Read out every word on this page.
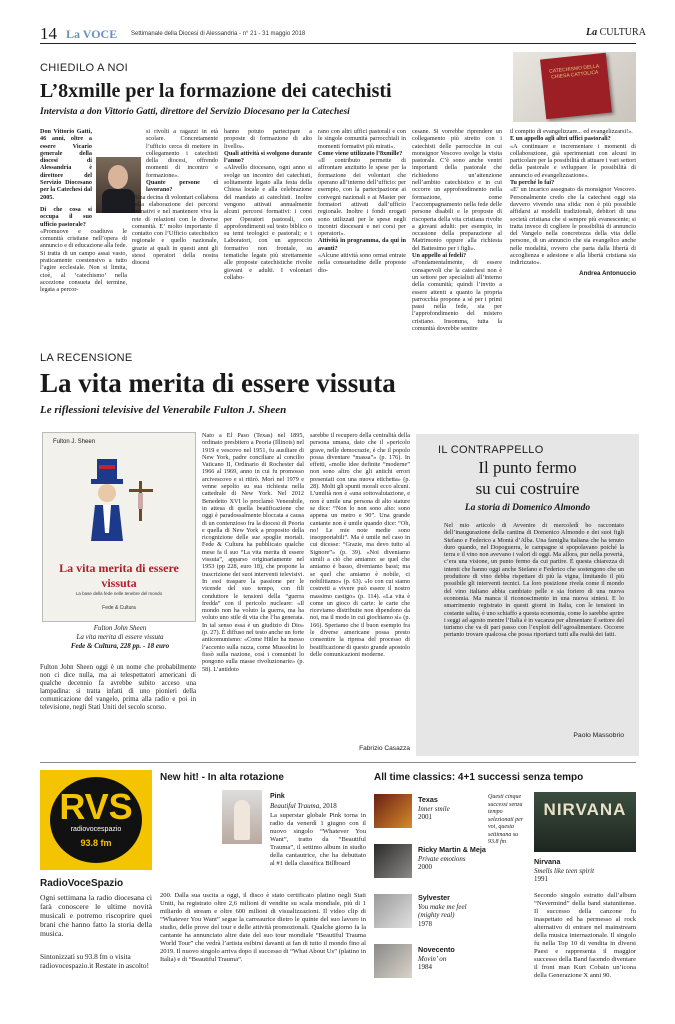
14 La VOCE Settimanale della Diocesi di Alessandria - n° 21 - 31 maggio 2018	La CULTURA
CHIEDILO A NOI
L’8xmille per la formazione dei catechisti
Intervista a don Vittorio Gatti, direttore del Servizio Diocesano per la Catechesi
CATECHISMO DELLA CHIESA CATTOLICA
Don Vittorio Gatti, 46 anni, oltre a essere Vicario generale della diocesi di Alessandria è direttore del Servizio Diocesano per la Catechesi dal 2005.
Di che cosa si occupa il suo ufficio pastorale?
«Promuove e coadiuva le comunità cristiane nell’opera di annuncio e di educazione alla fede. Si tratta di un campo assai vasto, praticamente coestensivo a tutto l’agire ecclesiale. Non si limita, cioè, al ‘catechismo’ nella accezione consueta del termine, legata a percor-
si rivolti a ragazzi in età scolare. Concretamente l’ufficio cerca di mettere in collegamento i catechisti della diocesi, offrendo momenti di incontro e formazione».
Quante persone ci lavorano?
«Una decina di volontari collabora nella elaborazione dei percorsi formativi e nel mantenere viva la rete di relazioni con le diverse comunità. E’ molto importante il contatto con l’Ufficio catechistico regionale e quello nazionale, grazie ai quali in questi anni gli stessi operatori della nostra diocesi
hanno potuto partecipare a proposte di formazione di alto livello».
Quali attività si svolgono durante l’anno?
«Alivello diocesano, ogni anno si svolge un incontro dei catechisti, solitamente legato alla festa della Chiesa locale e alla celebrazione del mandato ai catechisti. Inoltre vengono attivati annualmente alcuni percorsi formativi: i corsi per Operatori pastorali, con approfondimenti sul testo biblico o su temi teologici e pastorali; e i Laboratori, con un approccio formativo non frontale, su tematiche legate più strettamente alle proposte catechistiche rivolte giovani e adulti. I volontari collabo-
rano con altri uffici pastorali e con le singole comunità parrocchiali in momenti formativi più mirati».
Come viene utilizzato l’8xmille?
«Il contributo permette di affrontare anzitutto le spese per la formazione dei volontari che operano all’interno dell’ufficio: per esempio, con la partecipazione ai convegni nazionali e ai Master per formatori attivati dall’ufficio regionale. Inoltre i fondi erogati sono utilizzati per le spese negli incontri diocesani e nei corsi per operatori».
Attività in programma, da qui in avanti?
«Alcune attività sono ormai entrate nella consuetudine delle proposte dio-
cesane. Si vorrebbe riprendere un collegamento più stretto con i catechisti delle parrocchie in cui monsignor Vescovo svolge la visita pastorale. C’è sono anche ventri importanti della pastorale che richiedono un’attenzione nell’ambito catechistico e in cui occorre un approfondimento nella formazione, come l’accompagnamento nella fede delle persone disabili e le proposte di riscoperta della vita cristiana rivolte a giovani adulti: per esempio, in occasione della preparazione al Matrimonio oppure alla richiesta del Battesimo per i figli».
Un appello ai fedeli?
«Fondamentalmente, di essere consapevoli che la catechesi non è un settore per specialisti all’interno della comunità; quindi l’invito a essere attenti a quanto la propria parrocchia propone a sé per i primi passi nella fede, sia per l’approfondimento del mistero cristiano. Insomma, tutta la comunità dovrebbe sentire
il compito di evangelizzare... ed evangelizzarsi!».
E un appello agli altri uffici pastorali?
«A continuare e incrementare i momenti di collaborazione, già sperimentati con alcuni in particolare per la possibilità di attuare i vari settori della pastorale e sviluppare le possibilità di annuncio ed evangelizzazione».
Tu perché lo fai?
«E’ un incarico assegnato da monsignor Vescovo. Personalmente credo che la catechesi oggi sia davvero vivendo una sfida: non è più possibile affidarsi ai modelli tradizionali, debitori di una società cristiana che si sempre più evanescente; si tratta invece di cogliere le possibilità di annuncio del Vangelo nella concretezza della vita delle persone, di un annuncio che sia evangelico anche nelle modalità, ovvero che parta dalla libertà di accoglienza e adesione e alla libertà cristiana sia indirizzato».
Andrea Antonuccio
LA RECENSIONE
La vita merita di essere vissuta
Le riflessioni televisive del Venerabile Fulton J. Sheen
Fulton J. Sheen
La vita merita di essere vissuta
La base della fede nelle tenebre del mondo
Fede & Cultura
Fulton John Sheen
La vita merita di essere vissuta
Fede & Cultura, 228 pp. - 18 euro
Fulton John Sheen oggi è un nome che probabilmente non ci dice nulla, ma ai telespettatori americani di qualche decennio fa avrebbe subito acceso una lampadina: si tratta infatti di uno pionieri della comunicazione del vangelo, prima alla radio e poi in televisione, negli Stati Uniti del secolo scorso.
Nato a El Paso (Texas) nel 1895, ordinato presbitero a Peoria (Illinois) nel 1919 e vescovo nel 1951, fu ausiliare di New York, padre conciliare al concilio Vaticano II, Ordinario di Rochester dal 1966 al 1969, anno in cui fu promosso arcivescovo e si ritirò. Morì nel 1979 e venne sepolto su sua richiesta nella cattedrale di New York. Nel 2012 Benedetto XVI lo proclamò Venerabile, in attesa di quella beatificazione che oggi è paradossalmente bloccata a causa di un contenzioso fra la diocesi di Peoria e quella di New York a proposito della ricognizione delle sue spoglie mortali. Fede & Cultura ha pubblicato qualche mese fa il suo “La vita merita di essere vissuta”, apparso originariamente nel 1953 (pp 228, euro 18), che propone la trascrizione dei suoi interventi televisivi. In essi traspare la passione per le vicende del suo tempo, con fili conduttore le tensioni della “guerra fredda” con il pericolo nucleare: «Il mondo non ha voluto la guerra, ma ha voluto uno stile di vita che l’ha generata. In tal senso essa è un giudizio di Dio» (p. 27). È diffuso nel testo anche un forte anticomunismo: «Come Hitler ha messo l’accento sulla razza, come Mussolini lo fissò sulla nazione, così i comunisti lo pongono sulla masse rivoluzionarie» (p. 58). L’antidoto
sarebbe il recupero della centralità della persona umana, dato che il «pericolo grave, nelle democrazie, è che il popolo possa diventare “massa”» (p. 176). In effetti, «molte idee definite “moderne” non sono altro che gli antichi errori presentati con una nuova etichetta» (p. 28). Molti gli spunti morali ecco alcuni. L’umiltà non è «una sottovalutazione, e non è umile una persona di alto stature se dice: “Non lo non sono alto: sono appena un metro e 90”. Una grande cantante non è umile quando dice: “Oh, no! Le mie note medie sono insopportabili”. Ma è umile nel caso in cui dicesse: “Grazie, ma devo tutto al Signore”» (p. 39). «Noi diveniamo simili a ciò che amiamo: se quel che amiamo è basso, diveniamo bassi; ma se quel che amiamo è nobile, ci nobilitiamo» (p. 63). «Io con cui siamo costretti a vivere può essere il nostro massimo castigo» (p. 114). «La vita è come un gioco di carte: le carte che riceviamo distribuite non dipendono da noi, ma il modo in cui giochiamo sì» (p. 166). Speriamo che il buon esempio fra le diverse americane possa presto consentire la ripresa del processo di beatificazione di questo grande apostolo delle comunicazioni moderne.
Fabrizio Casazza
IL CONTRAPPELLO
Il punto fermo
su cui costruire
La storia di Domenico Almondo
Nel mio articolo di Avvenire di mercoledì ho raccontato dell’inaugurazione della cantina di Domenico Almondo e dei suoi figli Stefano e Federico a Montà d’Alba. Una famiglia italiana che ha tenuto duro quando, nel Dopoguerra, le campagne si spopolavano poiché la terra e il vino non avevano i valori di oggi. Ma allora, pur nella povertà, c’era una visione, un punto fermo da cui partire. È questa chiarezza di intenti che hanno oggi anche Stefano e Federico che sostengono che un produttore di vino debba rispettare di più la vigna, limitando il più possibile gli interventi tecnici. La loro posizione rivela come il mondo del vino italiano abbia cambiato pelle e sia foriero di una nuova economia. Ma manca il riconoscimento in una nuova sintesi. E lo smarrimento registrato in questi giorni in Italia, con le tensioni in costante salita, è uno schiaffo a questa economia, come lo sarebbe aprire i seggi ad agosto mentre l’Italia è in vacanza per alimentare il settore del turismo che va di pari passo con l’exploit dell’agroalimentare. Occorre pertanto trovare qualcosa che possa riportarci tutti alla realtà dei fatti.
Paolo Massobrio
RVS
radiovocespazio
93.8 fm
RadioVoceSpazio
Ogni settimana la radio diocesana ci farà conoscere le ultime novità musicali e potremo riscoprire quei brani che hanno fatto la storia della musica.
Sintonizzati su 93.8 fm o visita radiovocespazio.it Restate in ascolto!
New hit! - In alta rotazione
Pink
Beautiful Trauma, 2018
La superstar globale Pink torna in radio da venerdì 1 giugno con il nuovo singolo “Whatever You Want”, tratto da “Beautiful Trauma”, il settimo album in studio della cantautrice, che ha debuttato al #1 della classifica Billboard
200. Dalla sua uscita a oggi, il disco è stato certificato platino negli Stati Uniti, ha registrato oltre 2,6 milioni di vendite su scala mondiale, più di 1 miliardo di stream e oltre 600 milioni di visualizzazioni. Il video clip di “Whatever You Want” segue la carreaurice dietro le quinte del suo lavoro in studio, delle prove del tour e delle attività promozionali. Qualche giorno fa la cantante ha annunciato altre date del suo tour mondiale “Beautiful Trauma World Tour” che vedrà l’artista esibirsi davanti ai fan di tutto il mondo fino al 2019. Il nuovo singolo arriva dopo il successo di “What About Us” (platino in Italia) e di “Beautiful Trauma”.
All time classics: 4+1 successi senza tempo
Texas
Inner smile
2001
Ricky Martin & Meja
Private emotions
2000
Sylvester
You make me feel (mighty real)
1978
Novecento
Movin’ on
1984
Questi cinque successi senza tempo selezionati per voi, questa settimana su 93.8 fm
NIRVANA
Nirvana
Smells like teen spirit
1991
Secondo singolo estratto dall’album “Nevermind” della band statunitense. Il successo della canzone fu inaspettato ed ha permesso al rock alternativo di entrare nel mainstream della musica internazionale. Il singolo fu nella Top 10 di vendita in diversi Paesi e rappresenta il maggior successo della Band facendo diventare il front man Kurt Cobain un’icona della Generazione X anni 90.
